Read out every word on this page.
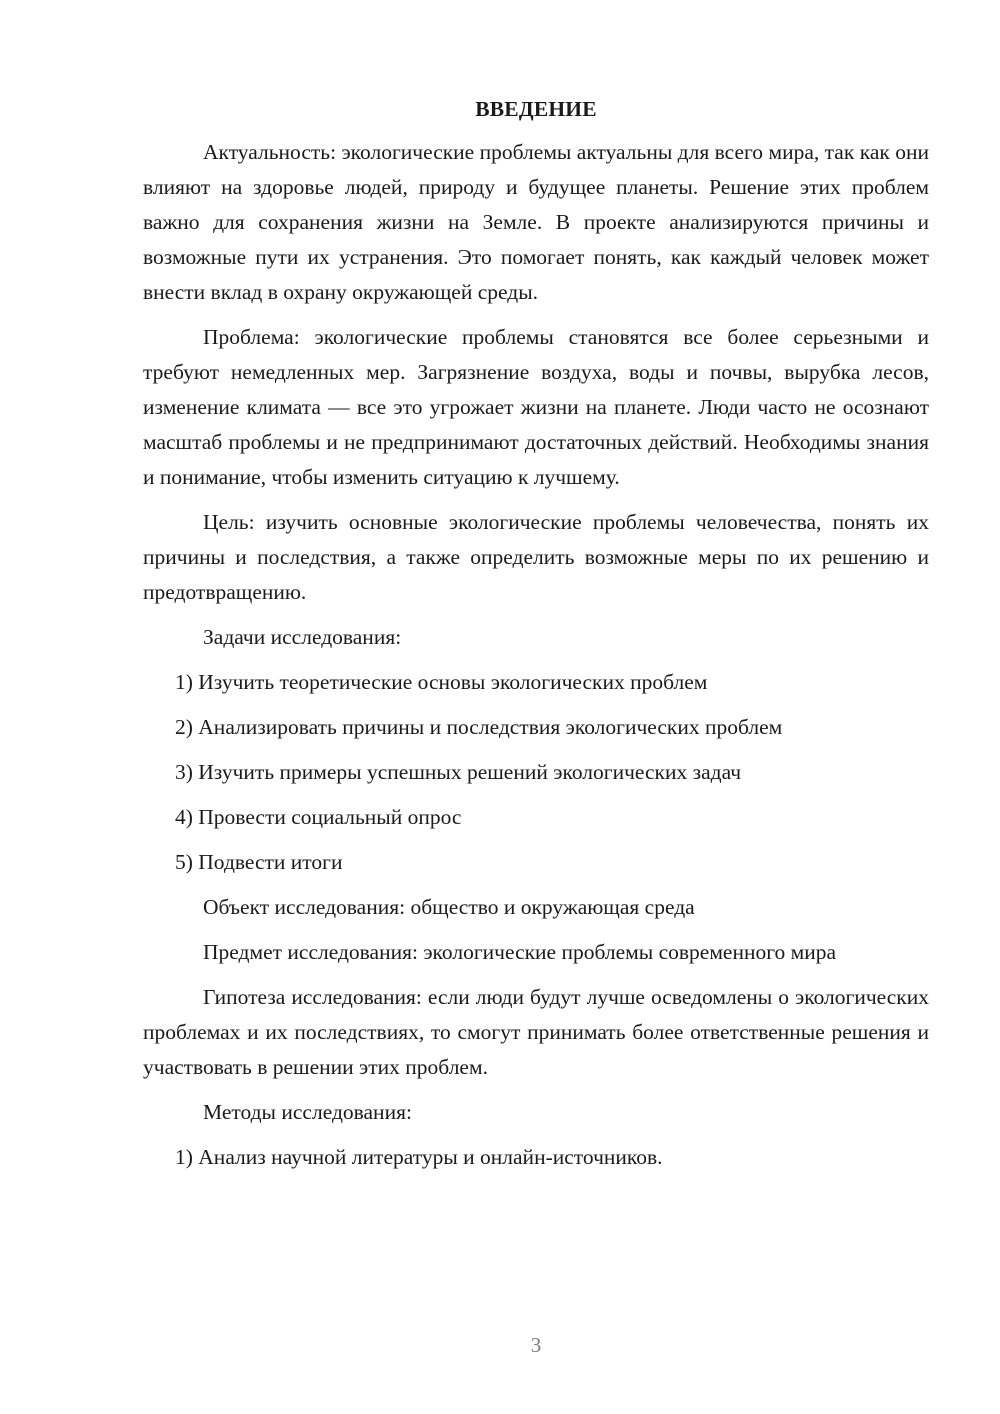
ВВЕДЕНИЕ

Актуальность: экологические проблемы актуальны для всего мира, так как они влияют на здоровье людей, природу и будущее планеты. Решение этих проблем важно для сохранения жизни на Земле. В проекте анализируются причины и возможные пути их устранения. Это помогает понять, как каждый человек может внести вклад в охрану окружающей среды.

Проблема: экологические проблемы становятся все более серьезными и требуют немедленных мер. Загрязнение воздуха, воды и почвы, вырубка лесов, изменение климата — все это угрожает жизни на планете. Люди часто не осознают масштаб проблемы и не предпринимают достаточных действий. Необходимы знания и понимание, чтобы изменить ситуацию к лучшему.

Цель: изучить основные экологические проблемы человечества, понять их причины и последствия, а также определить возможные меры по их решению и предотвращению.

Задачи исследования:
1) Изучить теоретические основы экологических проблем
2) Анализировать причины и последствия экологических проблем
3) Изучить примеры успешных решений экологических задач
4) Провести социальный опрос
5) Подвести итоги
Объект исследования: общество и окружающая среда

Предмет исследования: экологические проблемы современного мира

Гипотеза исследования: если люди будут лучше осведомлены о экологических проблемах и их последствиях, то смогут принимать более ответственные решения и участвовать в решении этих проблем.

Методы исследования:
1) Анализ научной литературы и онлайн-источников.
3
